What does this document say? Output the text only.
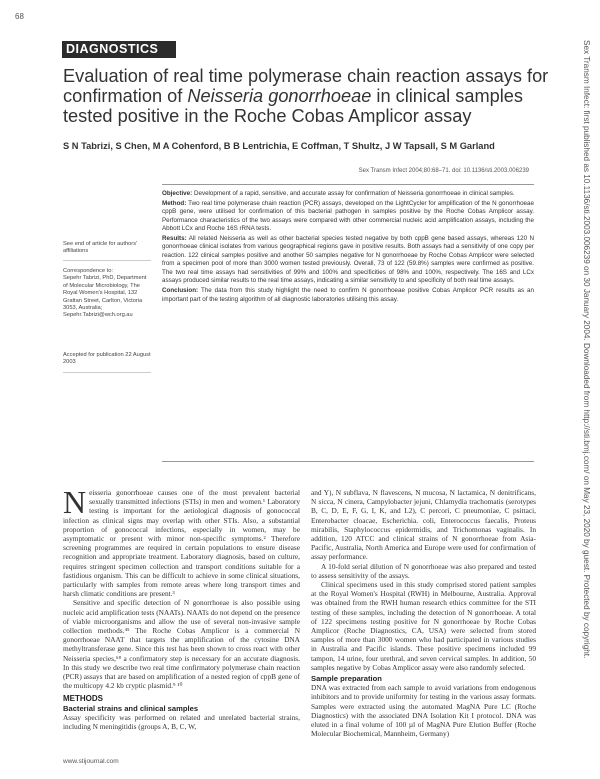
68
DIAGNOSTICS
Evaluation of real time polymerase chain reaction assays for confirmation of Neisseria gonorrhoeae in clinical samples tested positive in the Roche Cobas Amplicor assay
S N Tabrizi, S Chen, M A Cohenford, B B Lentrichia, E Coffman, T Shultz, J W Tapsall, S M Garland
Sex Transm Infect 2004;80:68–71. doi: 10.1136/sti.2003.006239

Objective: Development of a rapid, sensitive, and accurate assay for confirmation of Neisseria gonorrhoeae in clinical samples.

Method: Two real time polymerase chain reaction (PCR) assays, developed on the LightCycler for amplification of the N gonorrhoeae cppB gene, were utilised for confirmation of this bacterial pathogen in samples positive by the Roche Cobas Amplicor assay. Performance characteristics of the two assays were compared with other commercial nucleic acid amplification assays, including the Abbott LCx and Roche 16S rRNA tests.

Results: All related Neisseria as well as other bacterial species tested negative by both cppB gene based assays, whereas 120 N gonorrhoeae clinical isolates from various geographical regions gave in positive results. Both assays had a sensitivity of one copy per reaction. 122 clinical samples positive and another 50 samples negative for N gonorrhoeae by Roche Cobas Amplicor were selected from a specimen pool of more than 3000 women tested previously. Overall, 73 of 122 (59.8%) samples were confirmed as positive. The two real time assays had sensitivities of 99% and 100% and specificities of 98% and 100%, respectively. The 16S and LCx assays produced similar results to the real time assays, indicating a similar sensitivity to and specificity of both real time assays.

Conclusion: The data from this study highlight the need to confirm N gonorrhoeae positive Cobas Amplicor PCR results as an important part of the testing algorithm of all diagnostic laboratories utilising this assay.

See end of article for authors' affiliations

Correspondence to:

Sepehr Tabrizi, PhD, Department of Molecular Microbiology, The Royal Women's Hospital, 132 Grattan Street, Carlton, Victoria 3053, Australia; Sepehr.Tabrizi@wch.org.au

Accepted for publication 22 August 2003

Neisseria gonorrhoeae causes one of the most prevalent bacterial sexually transmitted infections (STIs) in men and women.¹ Laboratory testing is important for the aetiological diagnosis of gonococcal infection as clinical signs may overlap with other STIs. Also, a substantial proportion of gonococcal infections, especially in women, may be asymptomatic or present with minor non-specific symptoms.² Therefore screening programmes are required in certain populations to ensure disease recognition and appropriate treatment. Laboratory diagnosis, based on culture, requires stringent specimen collection and transport conditions suitable for a fastidious organism. This can be difficult to achieve in some clinical situations, particularly with samples from remote areas where long transport times and harsh climatic conditions are present.³

Sensitive and specific detection of N gonorrhoeae is also possible using nucleic acid amplification tests (NAATs). NAATs do not depend on the presence of viable microorganisms and allow the use of several non-invasive sample collection methods.⁴⁵ The Roche Cobas Amplicor is a commercial N gonorrhoeae NAAT that targets the amplification of the cytosine DNA methyltransferase gene. Since this test has been shown to cross react with other Neisseria species,⁶⁸ a confirmatory step is necessary for an accurate diagnosis. In this study we describe two real time confirmatory polymerase chain reaction (PCR) assays that are based on amplification of a nested region of cppB gene of the multicopy 4.2 kb cryptic plasmid.⁹ ¹⁰

METHODS
Bacterial strains and clinical samples

Assay specificity was performed on related and unrelated bacterial strains, including N meningitidis (groups A, B, C, W,

and Y), N subflava, N flavescens, N mucosa, N lactamica, N denitrificans, N sicca, N cinera, Campylobacter jejuni, Chlamydia trachomatis (serotypes B, C, D, E, F, G, I, K, and L2), C percori, C pneumoniae, C psittaci, Enterobacter cloacae, Escherichia. coli, Enterococcus faecalis, Proteus mirabilis, Staphylococcus epidermidis, and Trichomonas vaginalis. In addition, 120 ATCC and clinical strains of N gonorrhoeae from Asia-Pacific, Australia, North America and Europe were used for confirmation of assay performance.

A 10-fold serial dilution of N gonorrhoeae was also prepared and tested to assess sensitivity of the assays.

Clinical specimens used in this study comprised stored patient samples at the Royal Women's Hospital (RWH) in Melbourne, Australia. Approval was obtained from the RWH human research ethics committee for the STI testing of these samples, including the detection of N gonorrhoeae. A total of 122 specimens testing positive for N gonorrhoeae by Roche Cobas Amplicor (Roche Diagnostics, CA, USA) were selected from stored samples of more than 3000 women who had participated in various studies in Australia and Pacific islands. These positive specimens included 99 tampon, 14 urine, four urethral, and seven cervical samples. In addition, 50 samples negative by Cobas Amplicor assay were also randomly selected.

Sample preparation

DNA was extracted from each sample to avoid variations from endogenous inhibitors and to provide uniformity for testing in the various assay formats. Samples were extracted using the automated MagNA Pure LC (Roche Diagnostics) with the associated DNA Isolation Kit I protocol. DNA was eluted in a final volume of 100 µl of MagNA Pure Elution Buffer (Roche Molecular Biochemical, Mannheim, Germany)

www.stijournal.com
Sex Transm Infect: first published as 10.1136/sti.2003.006239 on 30 January 2004. Downloaded from http://sti.bmj.com/ on May 23, 2020 by guest. Protected by copyright.
